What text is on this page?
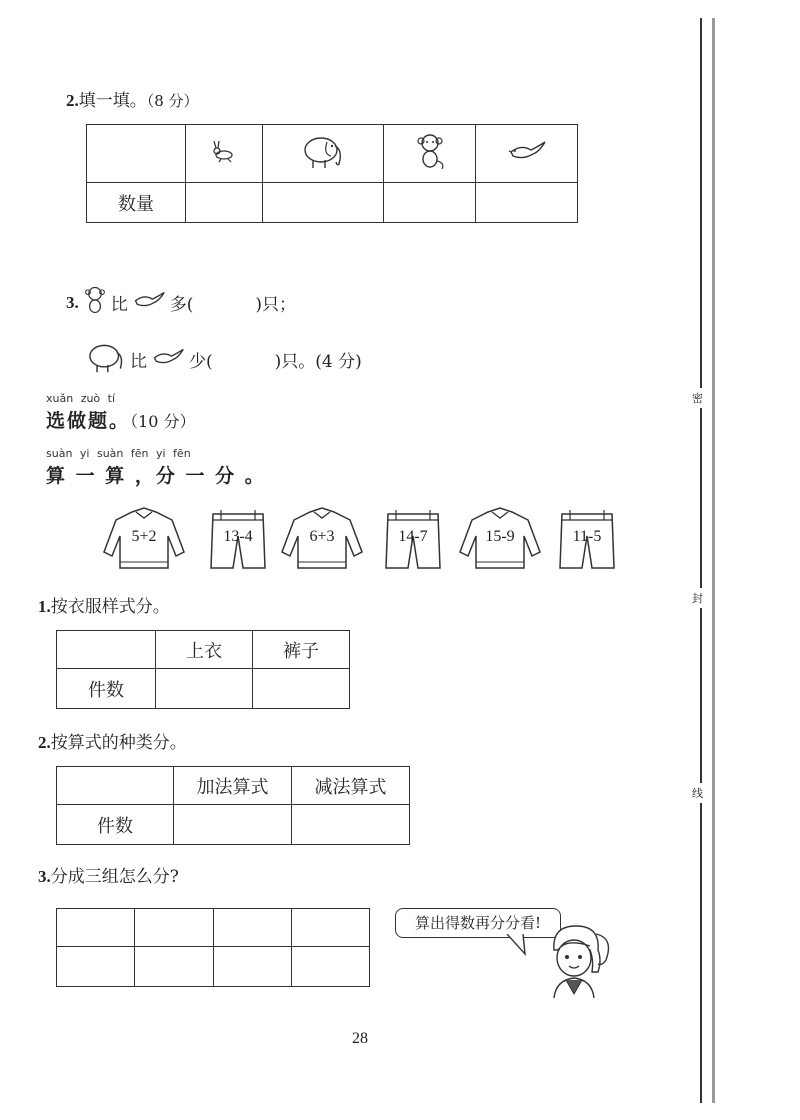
密
封
线
2.填一填。（8 分）

数量				
3. 比 多(	)只；
比 少(	)只。(4 分)
xuǎn zuò tí
选做题。（10 分）
suàn yi suàn fēn yi fēn
算 一 算 ，分 一 分 。
5+2	13-4	6+3	14-7	15-9	11-5
1.按衣服样式分。
	上衣	裤子
件数		
2.按算式的种类分。
	加法算式	减法算式
件数		
3.分成三组怎么分?

算出得数再分分看!
28
